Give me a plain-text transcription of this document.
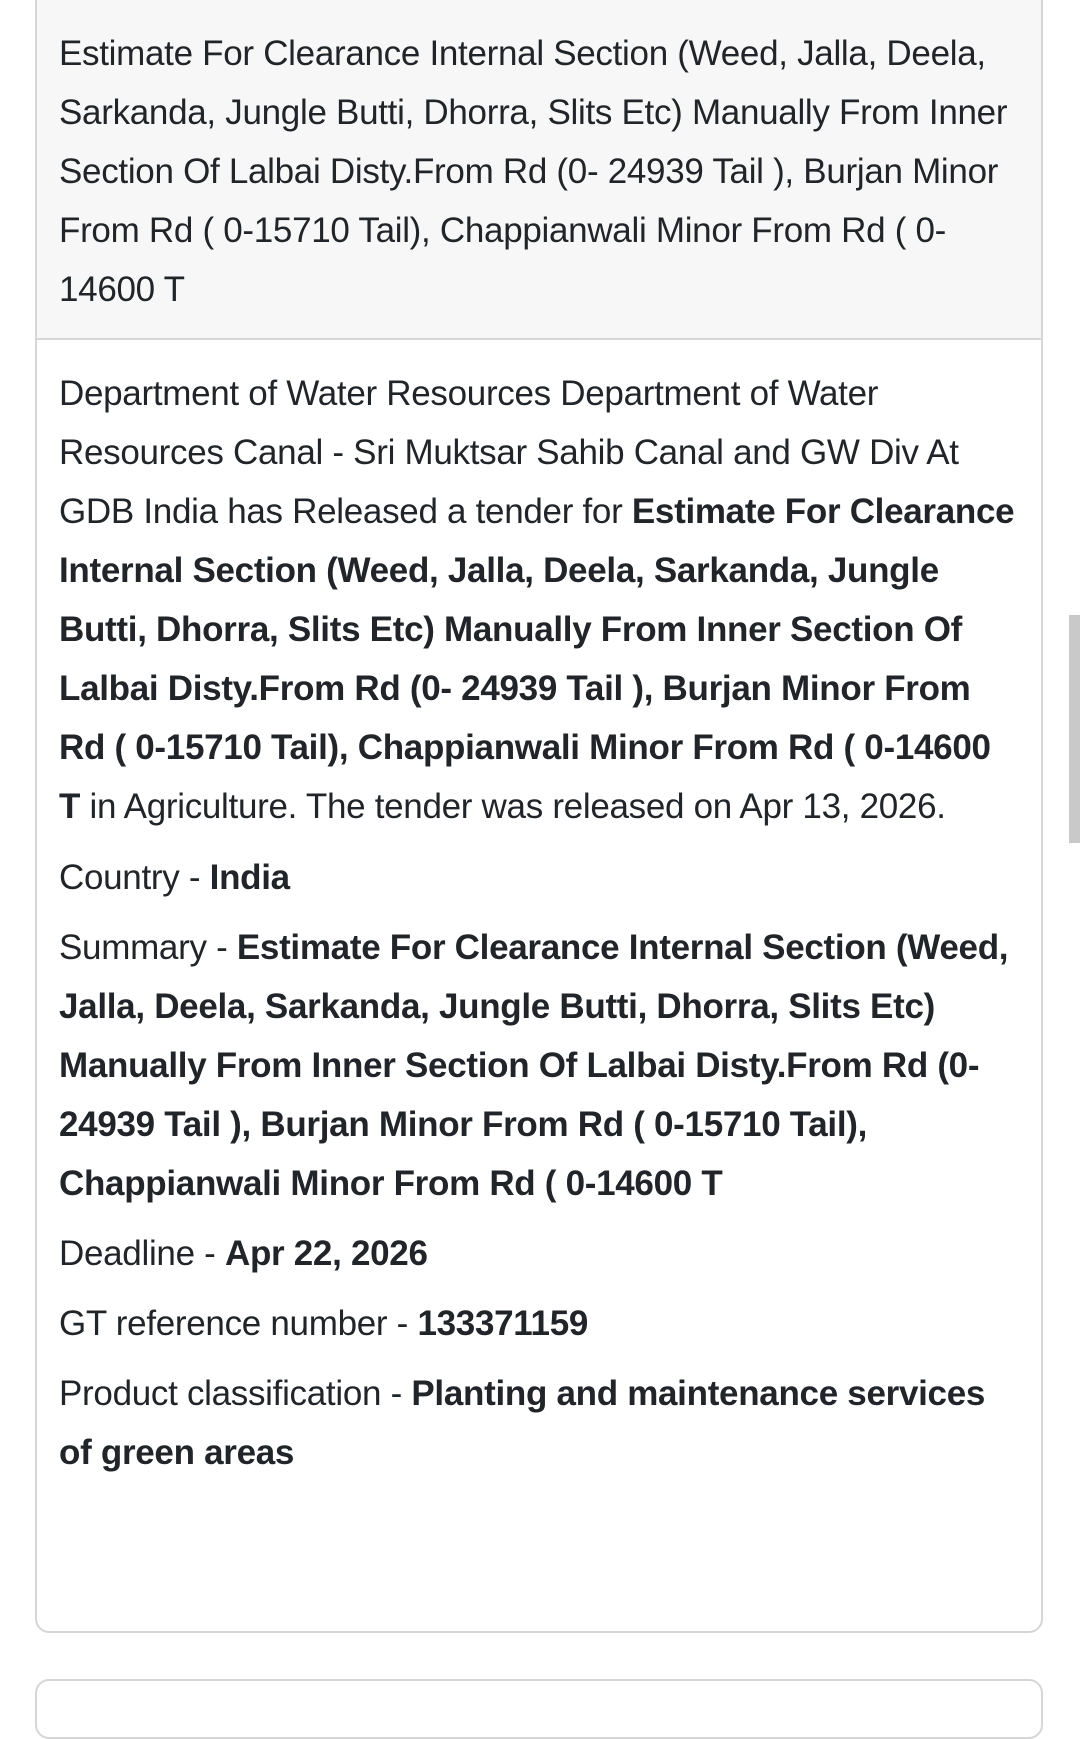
Estimate For Clearance Internal Section (Weed, Jalla, Deela, Sarkanda, Jungle Butti, Dhorra, Slits Etc) Manually From Inner Section Of Lalbai Disty.From Rd (0- 24939 Tail ), Burjan Minor From Rd ( 0-15710 Tail), Chappianwali Minor From Rd ( 0-14600 T

Department of Water Resources Department of Water Resources Canal - Sri Muktsar Sahib Canal and GW Div At GDB India has Released a tender for Estimate For Clearance Internal Section (Weed, Jalla, Deela, Sarkanda, Jungle Butti, Dhorra, Slits Etc) Manually From Inner Section Of Lalbai Disty.From Rd (0- 24939 Tail ), Burjan Minor From Rd ( 0-15710 Tail), Chappianwali Minor From Rd ( 0-14600 T in Agriculture. The tender was released on Apr 13, 2026.

Country - India
Summary - Estimate For Clearance Internal Section (Weed, Jalla, Deela, Sarkanda, Jungle Butti, Dhorra, Slits Etc) Manually From Inner Section Of Lalbai Disty.From Rd (0- 24939 Tail ), Burjan Minor From Rd ( 0-15710 Tail), Chappianwali Minor From Rd ( 0-14600 T
Deadline - Apr 22, 2026
GT reference number - 133371159
Product classification - Planting and maintenance services of green areas
